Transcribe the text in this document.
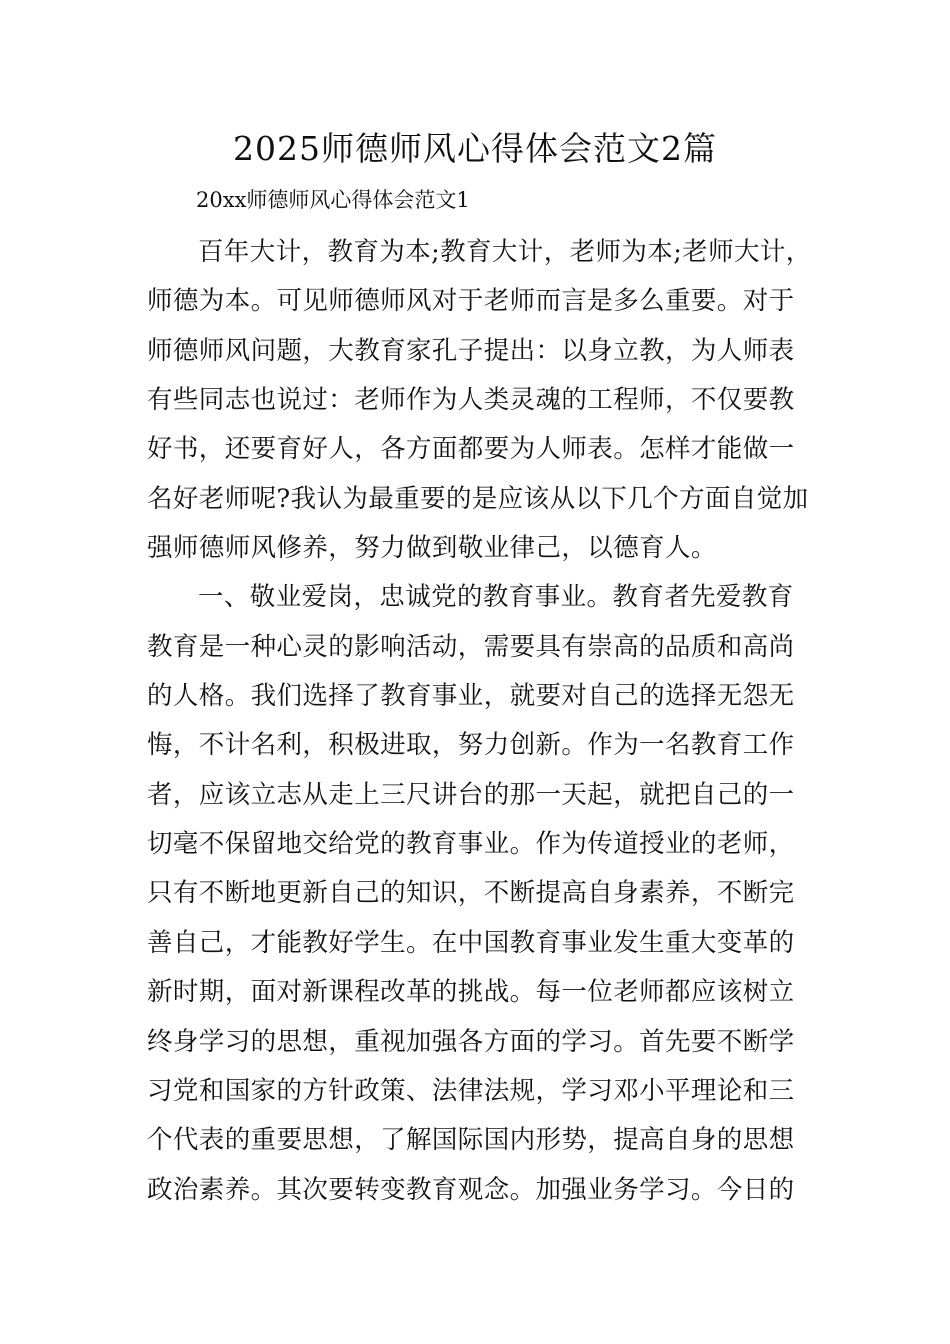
2025师德师风心得体会范文2篇

20xx师德师风心得体会范文1

百年大计，教育为本;教育大计，老师为本;老师大计，
师德为本。可见师德师风对于老师而言是多么重要。对于
师德师风问题，大教育家孔子提出：以身立教，为人师表
有些同志也说过：老师作为人类灵魂的工程师，不仅要教
好书，还要育好人，各方面都要为人师表。怎样才能做一
名好老师呢?我认为最重要的是应该从以下几个方面自觉加
强师德师风修养，努力做到敬业律己，以德育人。
一、敬业爱岗，忠诚党的教育事业。教育者先爱教育
教育是一种心灵的影响活动，需要具有崇高的品质和高尚
的人格。我们选择了教育事业，就要对自己的选择无怨无
悔，不计名利，积极进取，努力创新。作为一名教育工作
者，应该立志从走上三尺讲台的那一天起，就把自己的一
切毫不保留地交给党的教育事业。作为传道授业的老师，
只有不断地更新自己的知识，不断提高自身素养，不断完
善自己，才能教好学生。在中国教育事业发生重大变革的
新时期，面对新课程改革的挑战。每一位老师都应该树立
终身学习的思想，重视加强各方面的学习。首先要不断学
习党和国家的方针政策、法律法规，学习邓小平理论和三
个代表的重要思想，了解国际国内形势，提高自身的思想
政治素养。其次要转变教育观念。加强业务学习。今日的
